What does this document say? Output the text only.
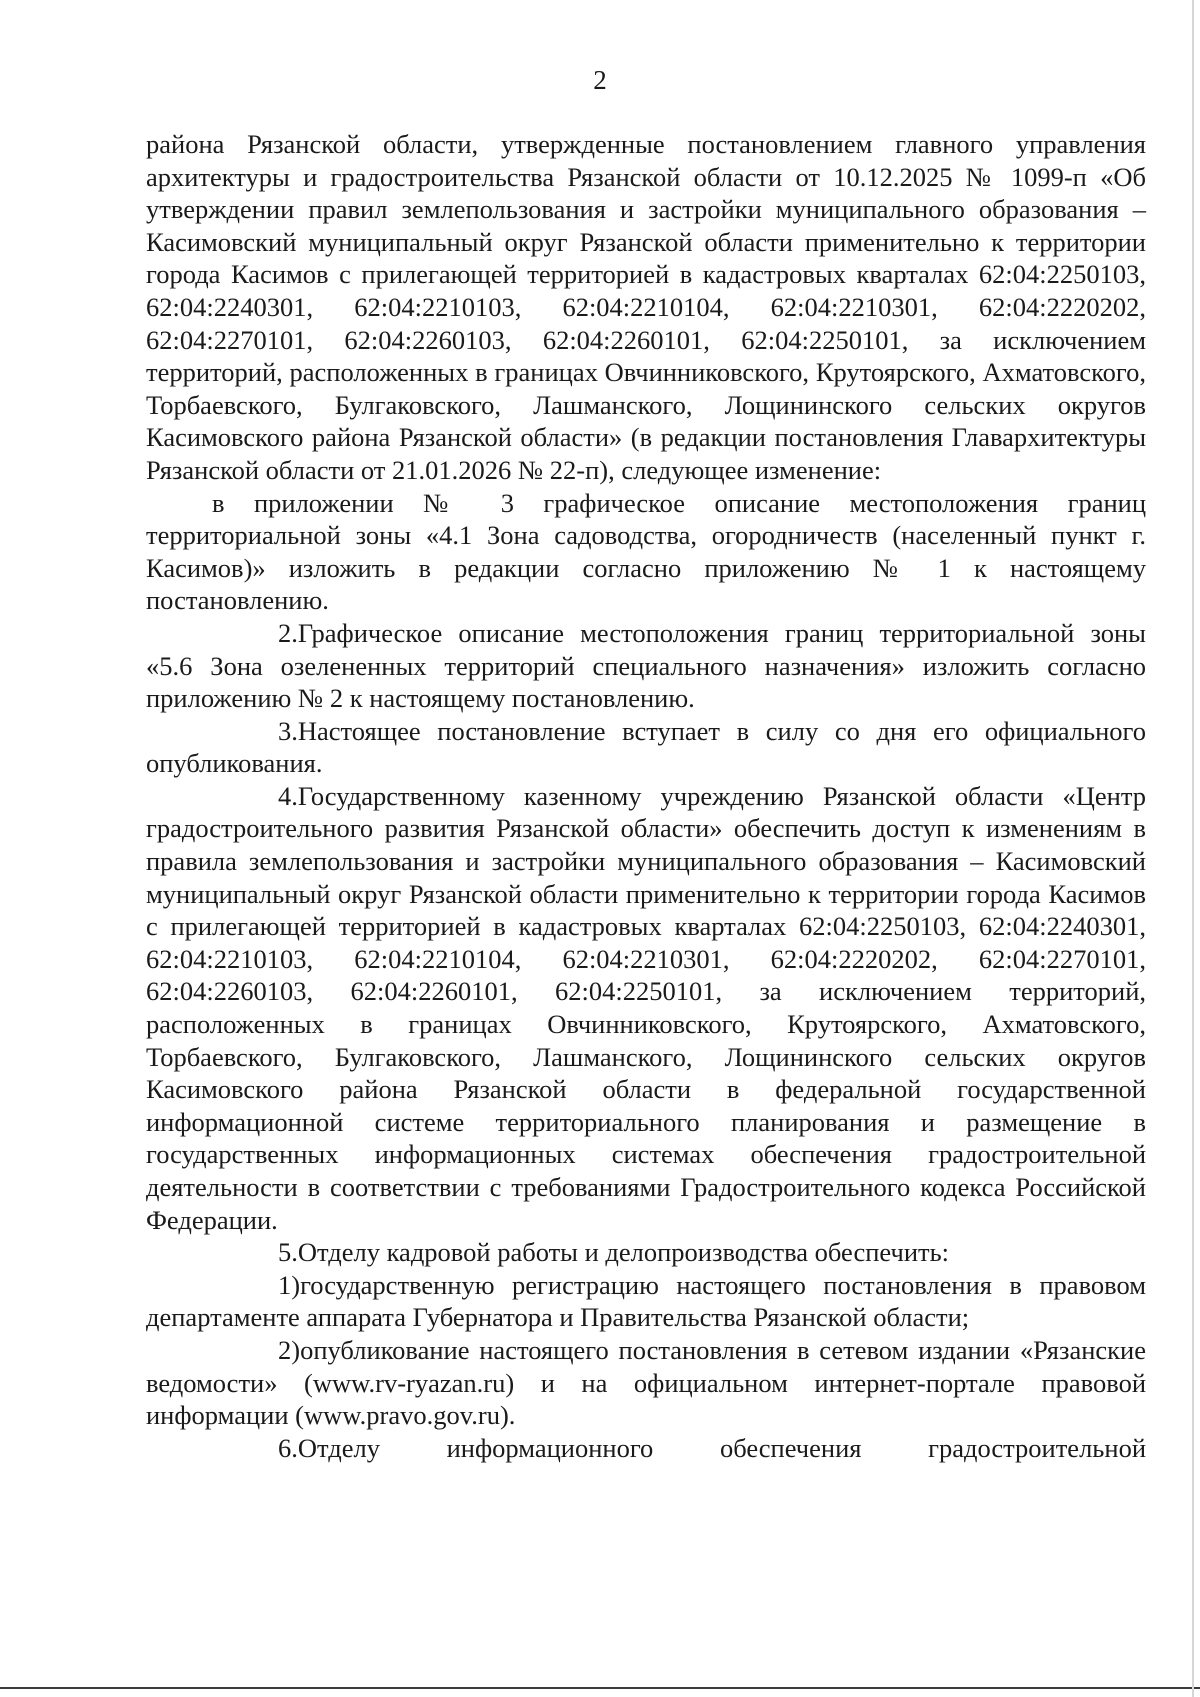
2

района Рязанской области, утвержденные постановлением главного управления архитектуры и градостроительства Рязанской области от 10.12.2025 № 1099-п «Об утверждении правил землепользования и застройки муниципального образования – Касимовский муниципальный округ Рязанской области применительно к территории города Касимов с прилегающей территорией в кадастровых кварталах 62:04:2250103, 62:04:2240301, 62:04:2210103, 62:04:2210104, 62:04:2210301, 62:04:2220202, 62:04:2270101, 62:04:2260103, 62:04:2260101, 62:04:2250101, за исключением территорий, расположенных в границах Овчинниковского, Крутоярского, Ахматовского, Торбаевского, Булгаковского, Лашманского, Лощининского сельских округов Касимовского района Рязанской области» (в редакции постановления Главархитектуры Рязанской области от 21.01.2026 № 22-п), следующее изменение:

в приложении № 3 графическое описание местоположения границ территориальной зоны «4.1 Зона садоводства, огородничеств (населенный пункт г. Касимов)» изложить в редакции согласно приложению № 1 к настоящему постановлению.

2.Графическое описание местоположения границ территориальной зоны «5.6 Зона озелененных территорий специального назначения» изложить согласно приложению № 2 к настоящему постановлению.

3.Настоящее постановление вступает в силу со дня его официального опубликования.

4.Государственному казенному учреждению Рязанской области «Центр градостроительного развития Рязанской области» обеспечить доступ к изменениям в правила землепользования и застройки муниципального образования – Касимовский муниципальный округ Рязанской области применительно к территории города Касимов с прилегающей территорией в кадастровых кварталах 62:04:2250103, 62:04:2240301, 62:04:2210103, 62:04:2210104, 62:04:2210301, 62:04:2220202, 62:04:2270101, 62:04:2260103, 62:04:2260101, 62:04:2250101, за исключением территорий, расположенных в границах Овчинниковского, Крутоярского, Ахматовского, Торбаевского, Булгаковского, Лашманского, Лощининского сельских округов Касимовского района Рязанской области в федеральной государственной информационной системе территориального планирования и размещение в государственных информационных системах обеспечения градостроительной деятельности в соответствии с требованиями Градостроительного кодекса Российской Федерации.

5.Отделу кадровой работы и делопроизводства обеспечить:

1)государственную регистрацию настоящего постановления в правовом департаменте аппарата Губернатора и Правительства Рязанской области;

2)опубликование настоящего постановления в сетевом издании «Рязанские ведомости» (www.rv-ryazan.ru) и на официальном интернет-портале правовой информации (www.pravo.gov.ru).

6.Отделу информационного обеспечения градостроительной
